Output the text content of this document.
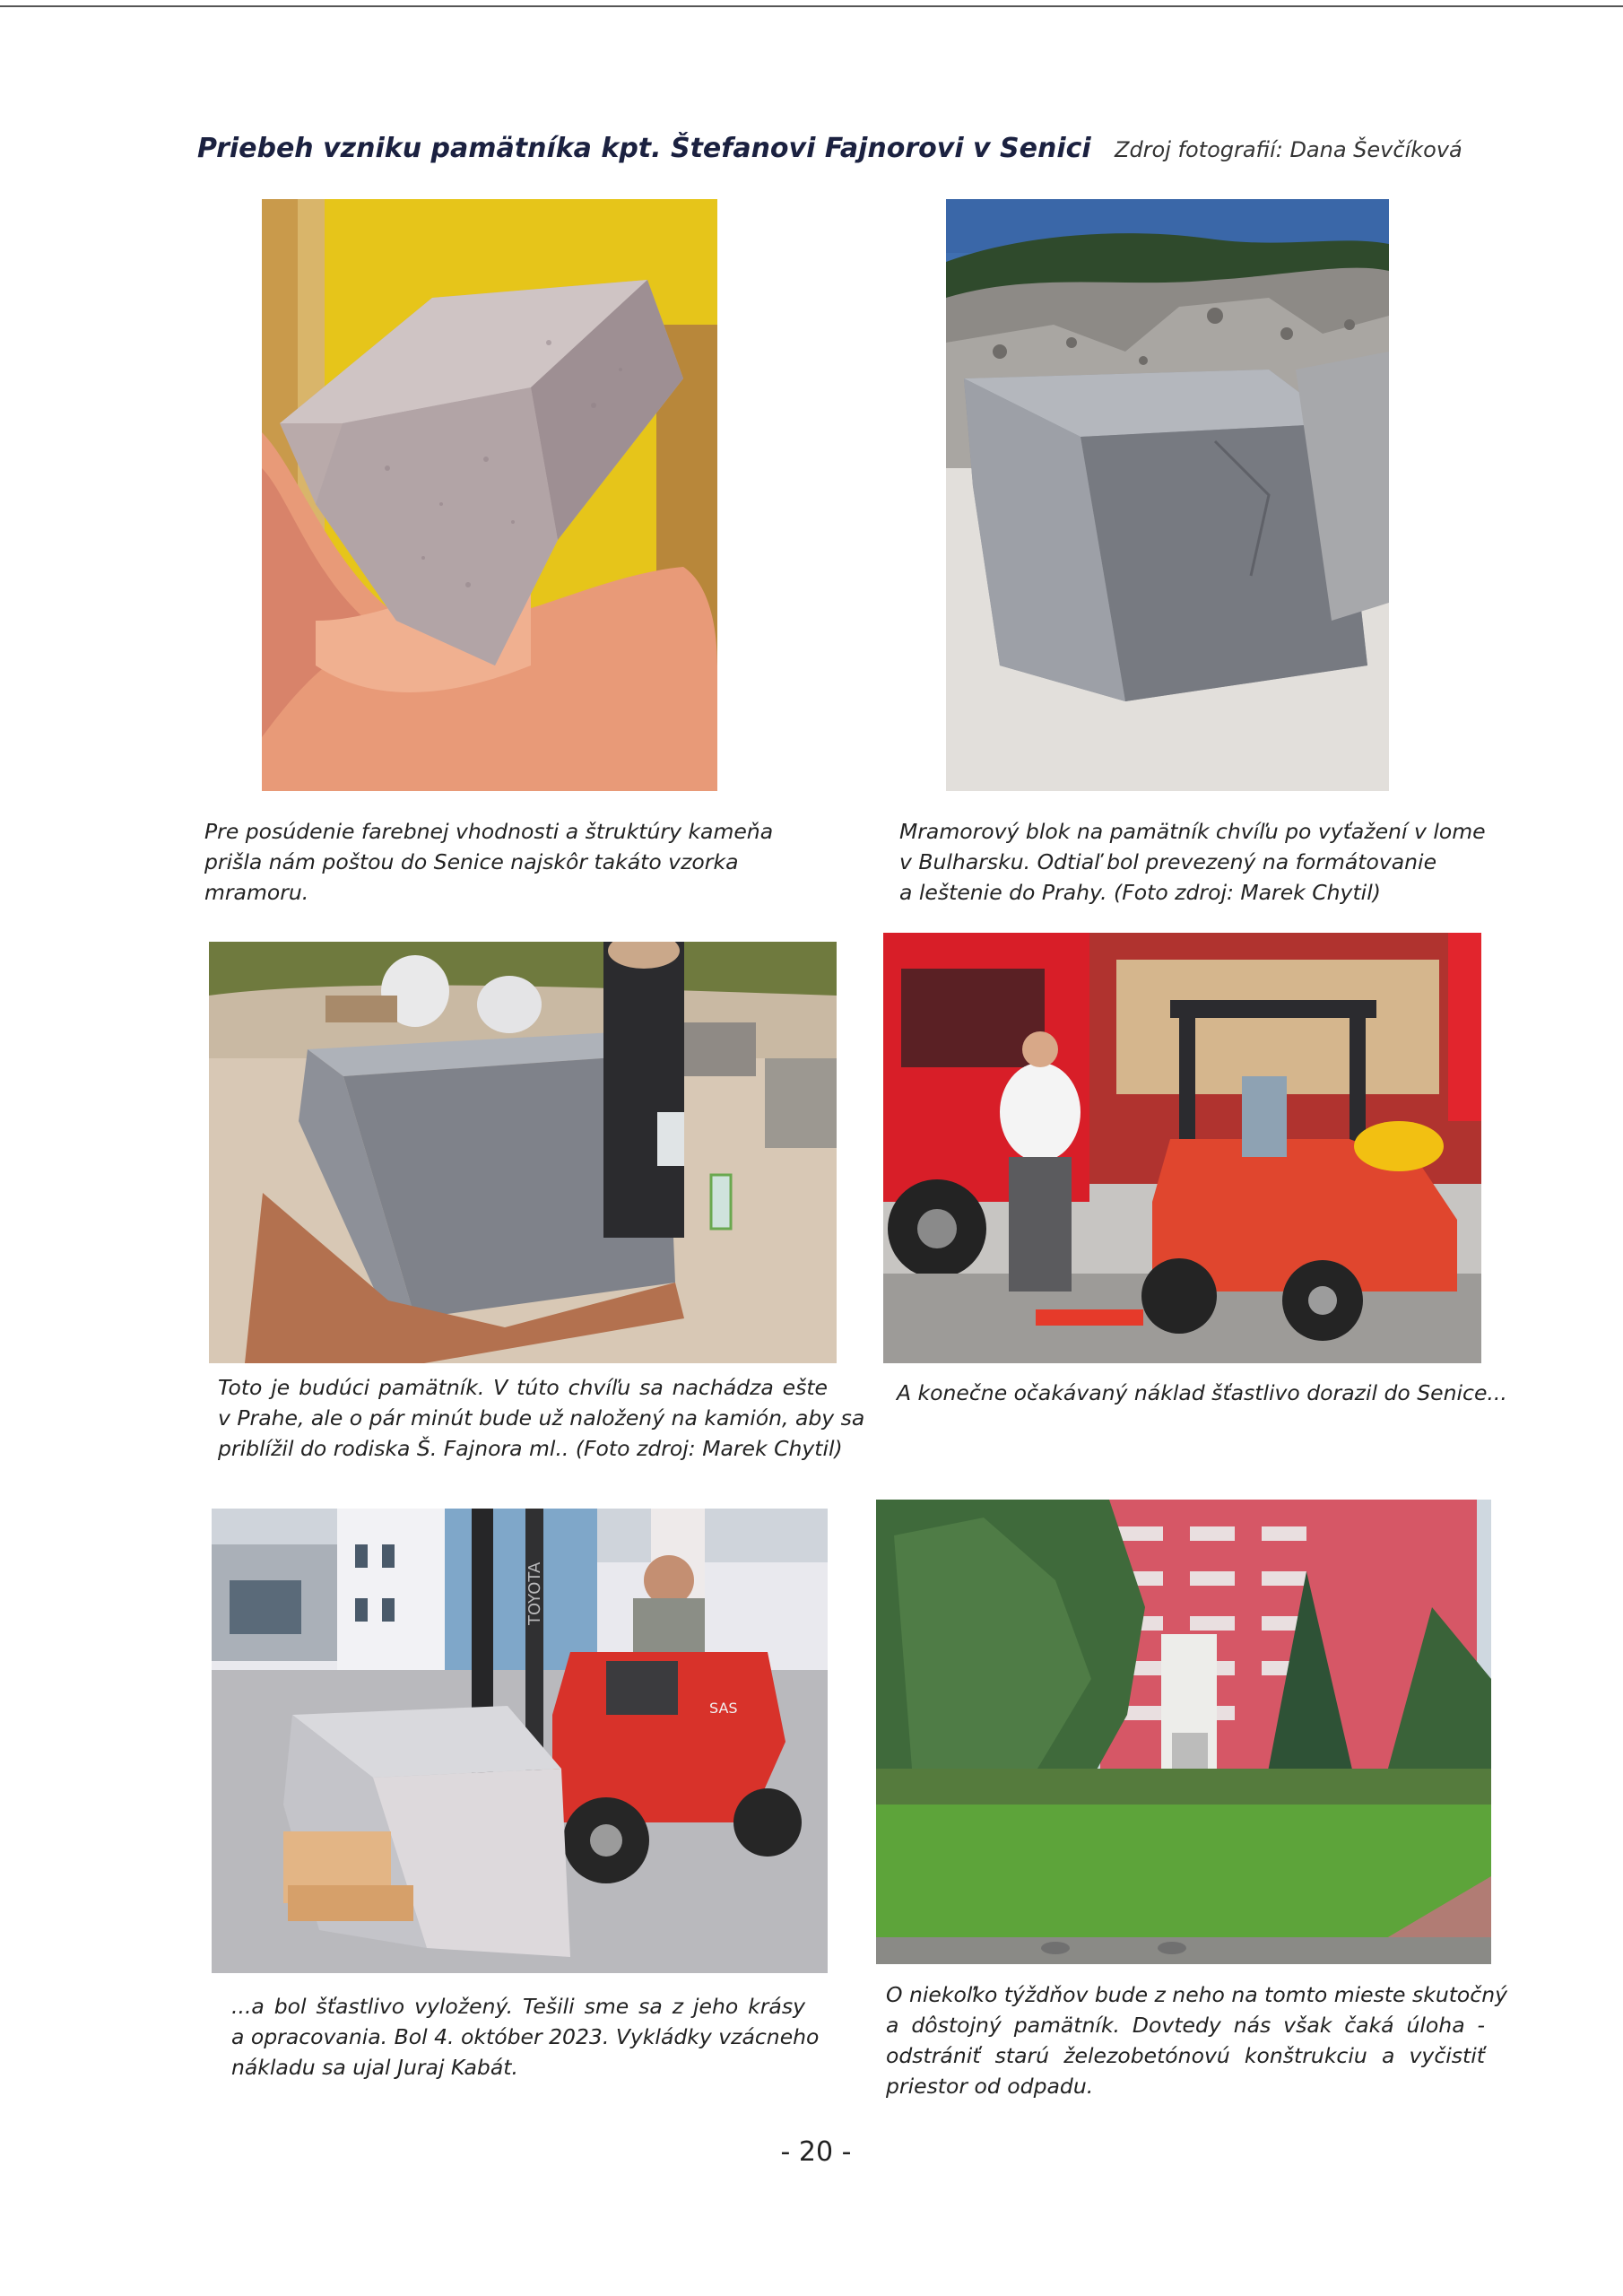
Priebeh vzniku pamätníka kpt. Štefanovi Fajnorovi v Senici Zdroj fotografií: Dana Ševčíková
Pre posúdenie farebnej vhodnosti a štruktúry kameňa
prišla nám poštou do Senice najskôr takáto vzorka
mramoru.
Mramorový blok na pamätník chvíľu po vyťažení v lome
v Bulharsku. Odtiaľ bol prevezený na formátovanie
a leštenie do Prahy. (Foto zdroj: Marek Chytil)
Toto je budúci pamätník. V túto chvíľu sa nachádza ešte
v Prahe, ale o pár minút bude už naložený na kamión, aby sa
priblížil do rodiska Š. Fajnora ml.. (Foto zdroj: Marek Chytil)
A konečne očakávaný náklad šťastlivo dorazil do Senice...
TOYOTA
SAS
...a bol šťastlivo vyložený. Tešili sme sa z jeho krásy
a opracovania. Bol 4. október 2023. Vykládky vzácneho
nákladu sa ujal Juraj Kabát.
O niekoľko týždňov bude z neho na tomto mieste skutočný
a dôstojný pamätník. Dovtedy nás však čaká úloha -
odstrániť starú železobetónovú konštrukciu a vyčistiť
priestor od odpadu.
- 20 -
